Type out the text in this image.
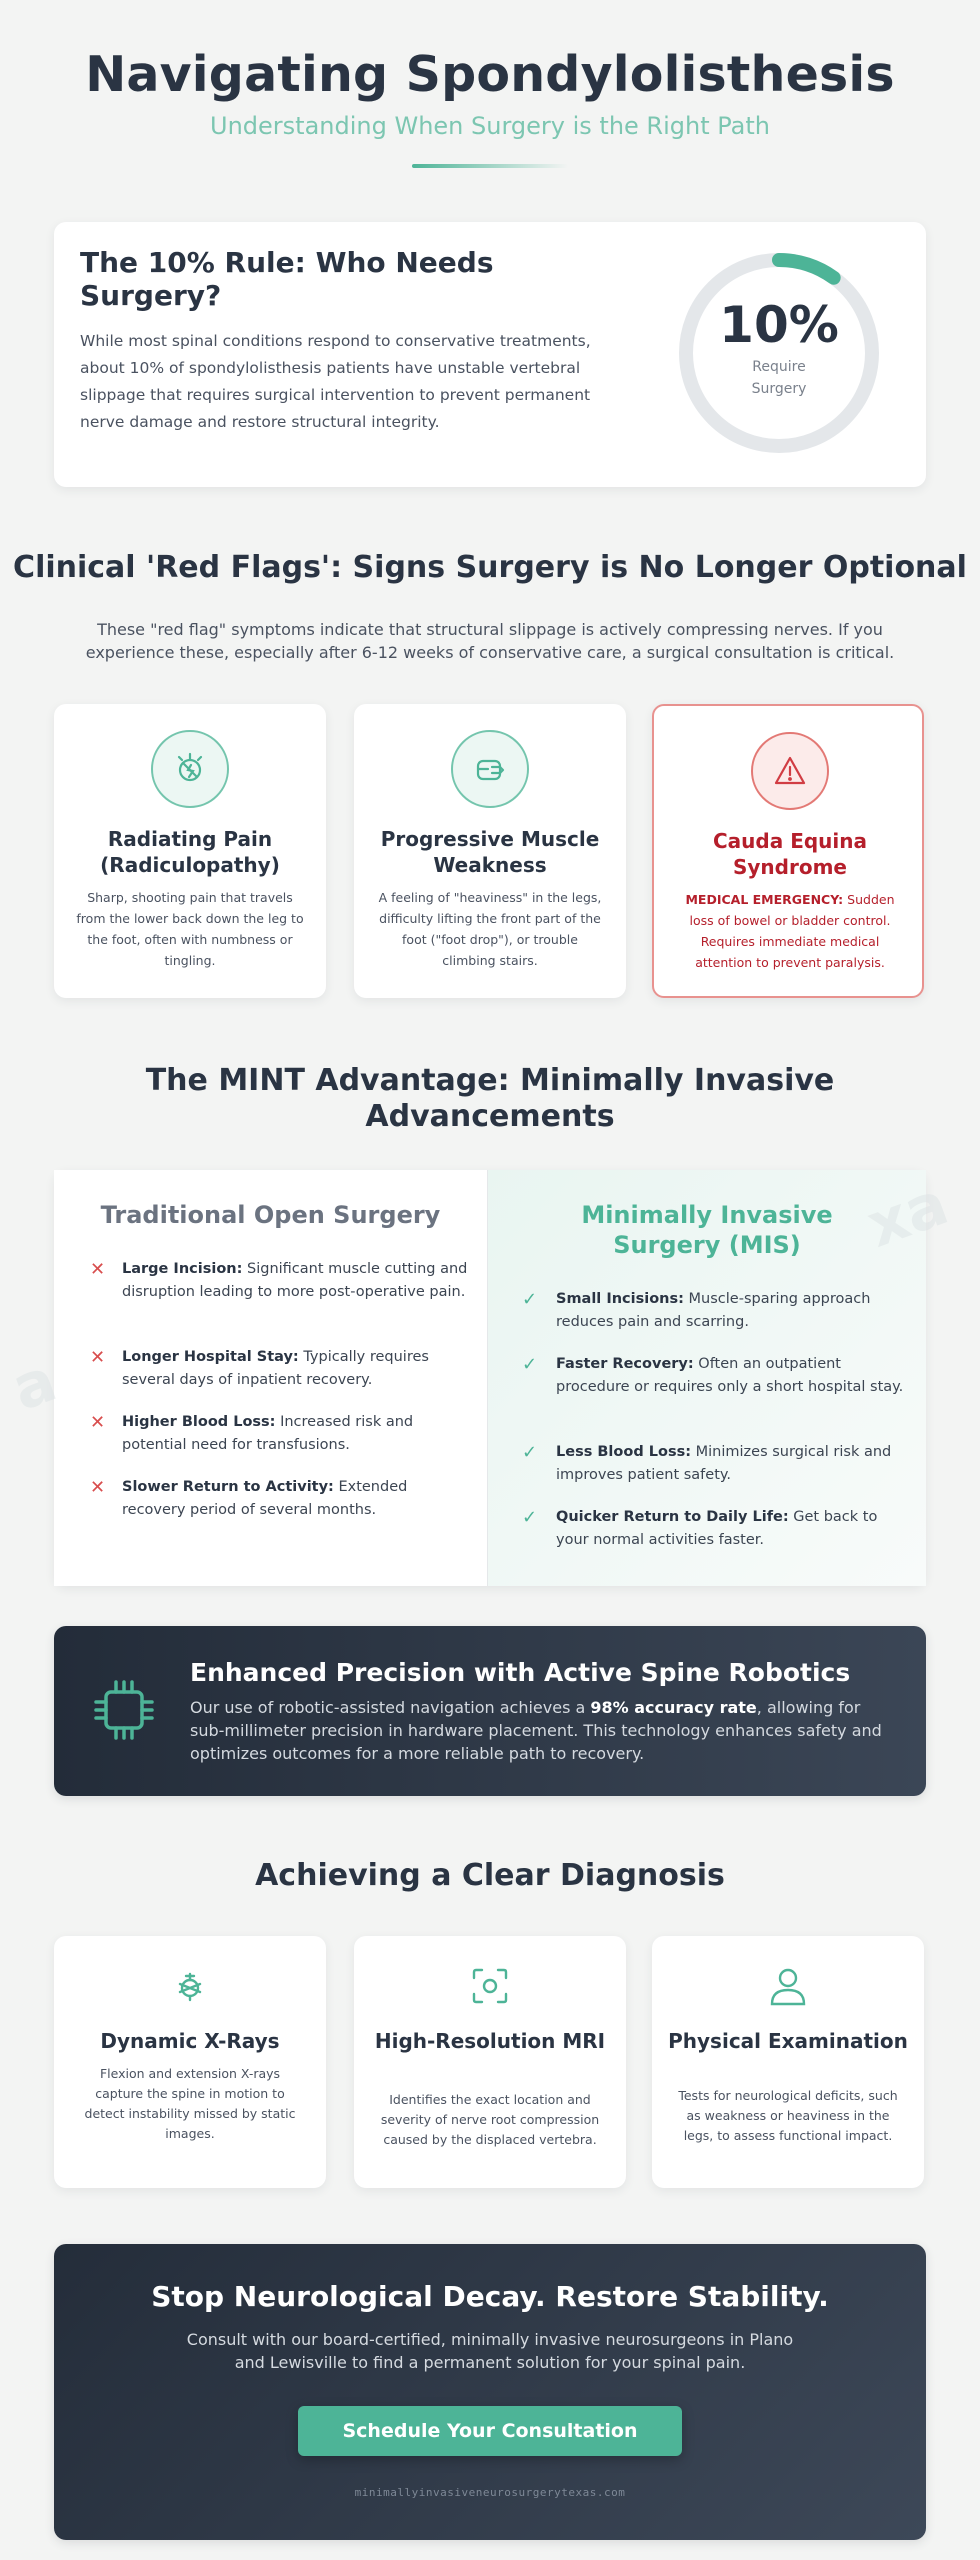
Navigating Spondylolisthesis
Understanding When Surgery is the Right Path
The 10% Rule: Who Needs Surgery?
While most spinal conditions respond to conservative treatments, about 10% of spondylolisthesis patients have unstable vertebral slippage that requires surgical intervention to prevent permanent nerve damage and restore structural integrity.
10%
Require Surgery
Clinical 'Red Flags': Signs Surgery is No Longer Optional
These "red flag" symptoms indicate that structural slippage is actively compressing nerves. If you experience these, especially after 6-12 weeks of conservative care, a surgical consultation is critical.
Radiating Pain (Radiculopathy)
Sharp, shooting pain that travels from the lower back down the leg to the foot, often with numbness or tingling.
Progressive Muscle Weakness
A feeling of "heaviness" in the legs, difficulty lifting the front part of the foot ("foot drop"), or trouble climbing stairs.
Cauda Equina Syndrome
MEDICAL EMERGENCY: Sudden loss of bowel or bladder control. Requires immediate medical attention to prevent paralysis.
The MINT Advantage: Minimally Invasive Advancements
a
Traditional Open Surgery
✕ Large Incision: Significant muscle cutting and disruption leading to more post-operative pain.
✕ Longer Hospital Stay: Typically requires several days of inpatient recovery.
✕ Higher Blood Loss: Increased risk and potential need for transfusions.
✕ Slower Return to Activity: Extended recovery period of several months.
xa
Minimally Invasive Surgery (MIS)
✓ Small Incisions: Muscle-sparing approach reduces pain and scarring.
✓ Faster Recovery: Often an outpatient procedure or requires only a short hospital stay.
✓ Less Blood Loss: Minimizes surgical risk and improves patient safety.
✓ Quicker Return to Daily Life: Get back to your normal activities faster.
Enhanced Precision with Active Spine Robotics
Our use of robotic-assisted navigation achieves a 98% accuracy rate, allowing for sub-millimeter precision in hardware placement. This technology enhances safety and optimizes outcomes for a more reliable path to recovery.
Achieving a Clear Diagnosis
Dynamic X-Rays
Flexion and extension X-rays capture the spine in motion to detect instability missed by static images.
High-Resolution MRI
Identifies the exact location and severity of nerve root compression caused by the displaced vertebra.
Physical Examination
Tests for neurological deficits, such as weakness or heaviness in the legs, to assess functional impact.
Stop Neurological Decay. Restore Stability.
Consult with our board-certified, minimally invasive neurosurgeons in Plano and Lewisville to find a permanent solution for your spinal pain.
Schedule Your Consultation
minimallyinvasiveneurosurgerytexas.com
